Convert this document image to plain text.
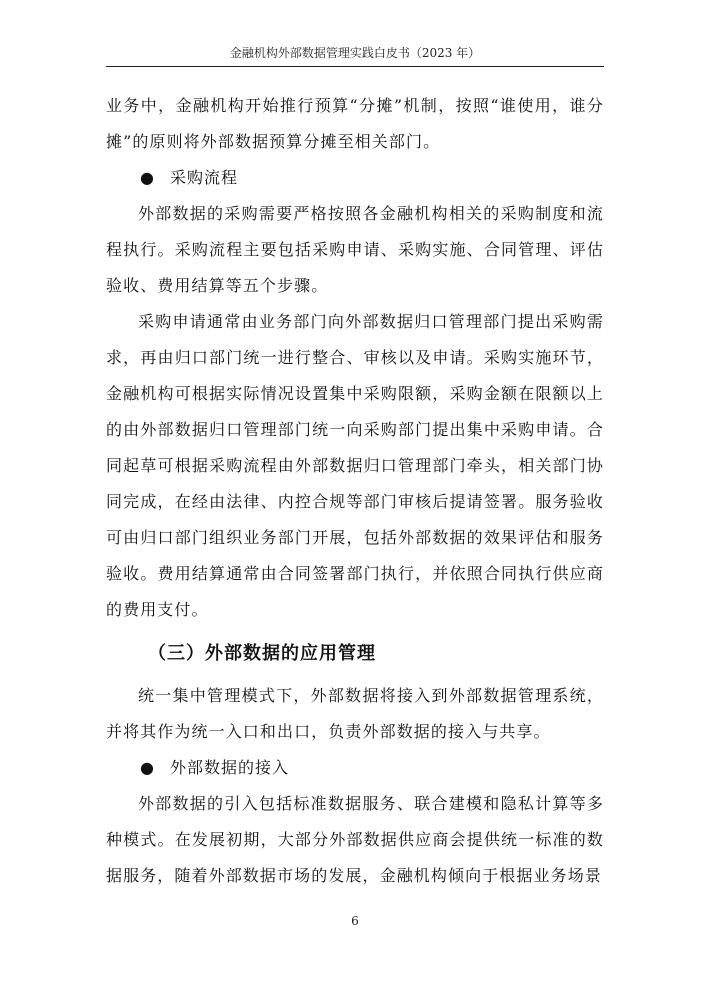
金融机构外部数据管理实践白皮书（2023 年）

业务中，金融机构开始推行预算“分摊”机制，按照“谁使用，谁分摊”的原则将外部数据预算分摊至相关部门。

● 采购流程

外部数据的采购需要严格按照各金融机构相关的采购制度和流程执行。采购流程主要包括采购申请、采购实施、合同管理、评估验收、费用结算等五个步骤。

采购申请通常由业务部门向外部数据归口管理部门提出采购需求，再由归口部门统一进行整合、审核以及申请。采购实施环节，金融机构可根据实际情况设置集中采购限额，采购金额在限额以上的由外部数据归口管理部门统一向采购部门提出集中采购申请。合同起草可根据采购流程由外部数据归口管理部门牵头，相关部门协同完成，在经由法律、内控合规等部门审核后提请签署。服务验收可由归口部门组织业务部门开展，包括外部数据的效果评估和服务验收。费用结算通常由合同签署部门执行，并依照合同执行供应商的费用支付。

（三）外部数据的应用管理

统一集中管理模式下，外部数据将接入到外部数据管理系统，并将其作为统一入口和出口，负责外部数据的接入与共享。

● 外部数据的接入

外部数据的引入包括标准数据服务、联合建模和隐私计算等多种模式。在发展初期，大部分外部数据供应商会提供统一标准的数据服务，随着外部数据市场的发展，金融机构倾向于根据业务场景

6
